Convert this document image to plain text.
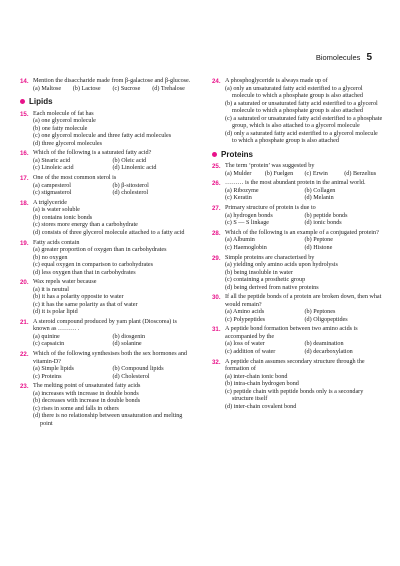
Biomolecules 5
14. Mention the disaccharide made from β-galactose and β-glucose.
(a) Maltose	(b) Lactose	(c) Sucrose	(d) Trehalose
Lipids
15. Each molecule of fat has
(a) one glycerol molecule
(b) one fatty molecule
(c) one glycerol molecule and three fatty acid molecules
(d) three glycerol molecules
16. Which of the following is a saturated fatty acid?
(a) Stearic acid	(b) Oleic acid
(c) Linoleic acid	(d) Linolenic acid
17. One of the most common sterol is
(a) campesterol	(b) β-sitosterol
(c) stigmasterol	(d) cholesterol
18. A triglyceride
(a) is water soluble
(b) contains ionic bonds
(c) stores more energy than a carbohydrate
(d) consists of three glycerol molecule attached to a fatty acid
19. Fatty acids contain
(a) greater proportion of oxygen than in carbohydrates
(b) no oxygen
(c) equal oxygen in comparison to carbohydrates
(d) less oxygen than that in carbohydrates
20. Wax repels water because
(a) it is neutral
(b) it has a polarity opposite to water
(c) it has the same polarity as that of water
(d) it is polar lipid
21. A steroid compound produced by yam plant (Dioscorea) is known as ……… .
(a) quinine	(b) diosgenin
(c) capsaicin	(d) solanine
22. Which of the following synthesises both the sex hormones and vitamin-D?
(a) Simple lipids	(b) Compound lipids
(c) Proteins	(d) Cholesterol
23. The melting point of unsaturated fatty acids
(a) increases with increase in double bonds
(b) decreases with increase in double bonds
(c) rises in some and falls in others
(d) there is no relationship between unsaturation and melting point
24. A phosphoglyceride is always made up of
(a) only an unsaturated fatty acid esterified to a glycerol molecule to which a phosphate group is also attached
(b) a saturated or unsaturated fatty acid esterified to a glycerol molecule to which a phosphate group is also attached
(c) a saturated or unsaturated fatty acid esterified to a phosphate group, which is also attached to a glycerol molecule
(d) only a saturated fatty acid esterified to a glycerol molecule to which a phosphate group is also attached
Proteins
25. The term ‘protein’ was suggested by
(a) Mulder	(b) Fuelgen	(c) Erwin	(d) Berzelius
26. ……… is the most abundant protein in the animal world.
(a) Ribozyme	(b) Collagen
(c) Keratin	(d) Melanin
27. Primary structure of protein is due to
(a) hydrogen bonds	(b) peptide bonds
(c) S — S linkage	(d) ionic bonds
28. Which of the following is an example of a conjugated protein?
(a) Albumin	(b) Peptone
(c) Haemoglobin	(d) Histone
29. Simple proteins are characterised by
(a) yielding only amino acids upon hydrolysis
(b) being insoluble in water
(c) containing a prosthetic group
(d) being derived from native proteins
30. If all the peptide bonds of a protein are broken down, then what would remain?
(a) Amino acids	(b) Peptones
(c) Polypeptides	(d) Oligopeptides
31. A peptide bond formation between two amino acids is accompanied by the
(a) loss of water	(b) deamination
(c) addition of water	(d) decarboxylation
32. A peptide chain assumes secondary structure through the formation of
(a) inter-chain ionic bond
(b) intra-chain hydrogen bond
(c) peptide chain with peptide bonds only is a secondary structure itself
(d) inter-chain covalent bond
